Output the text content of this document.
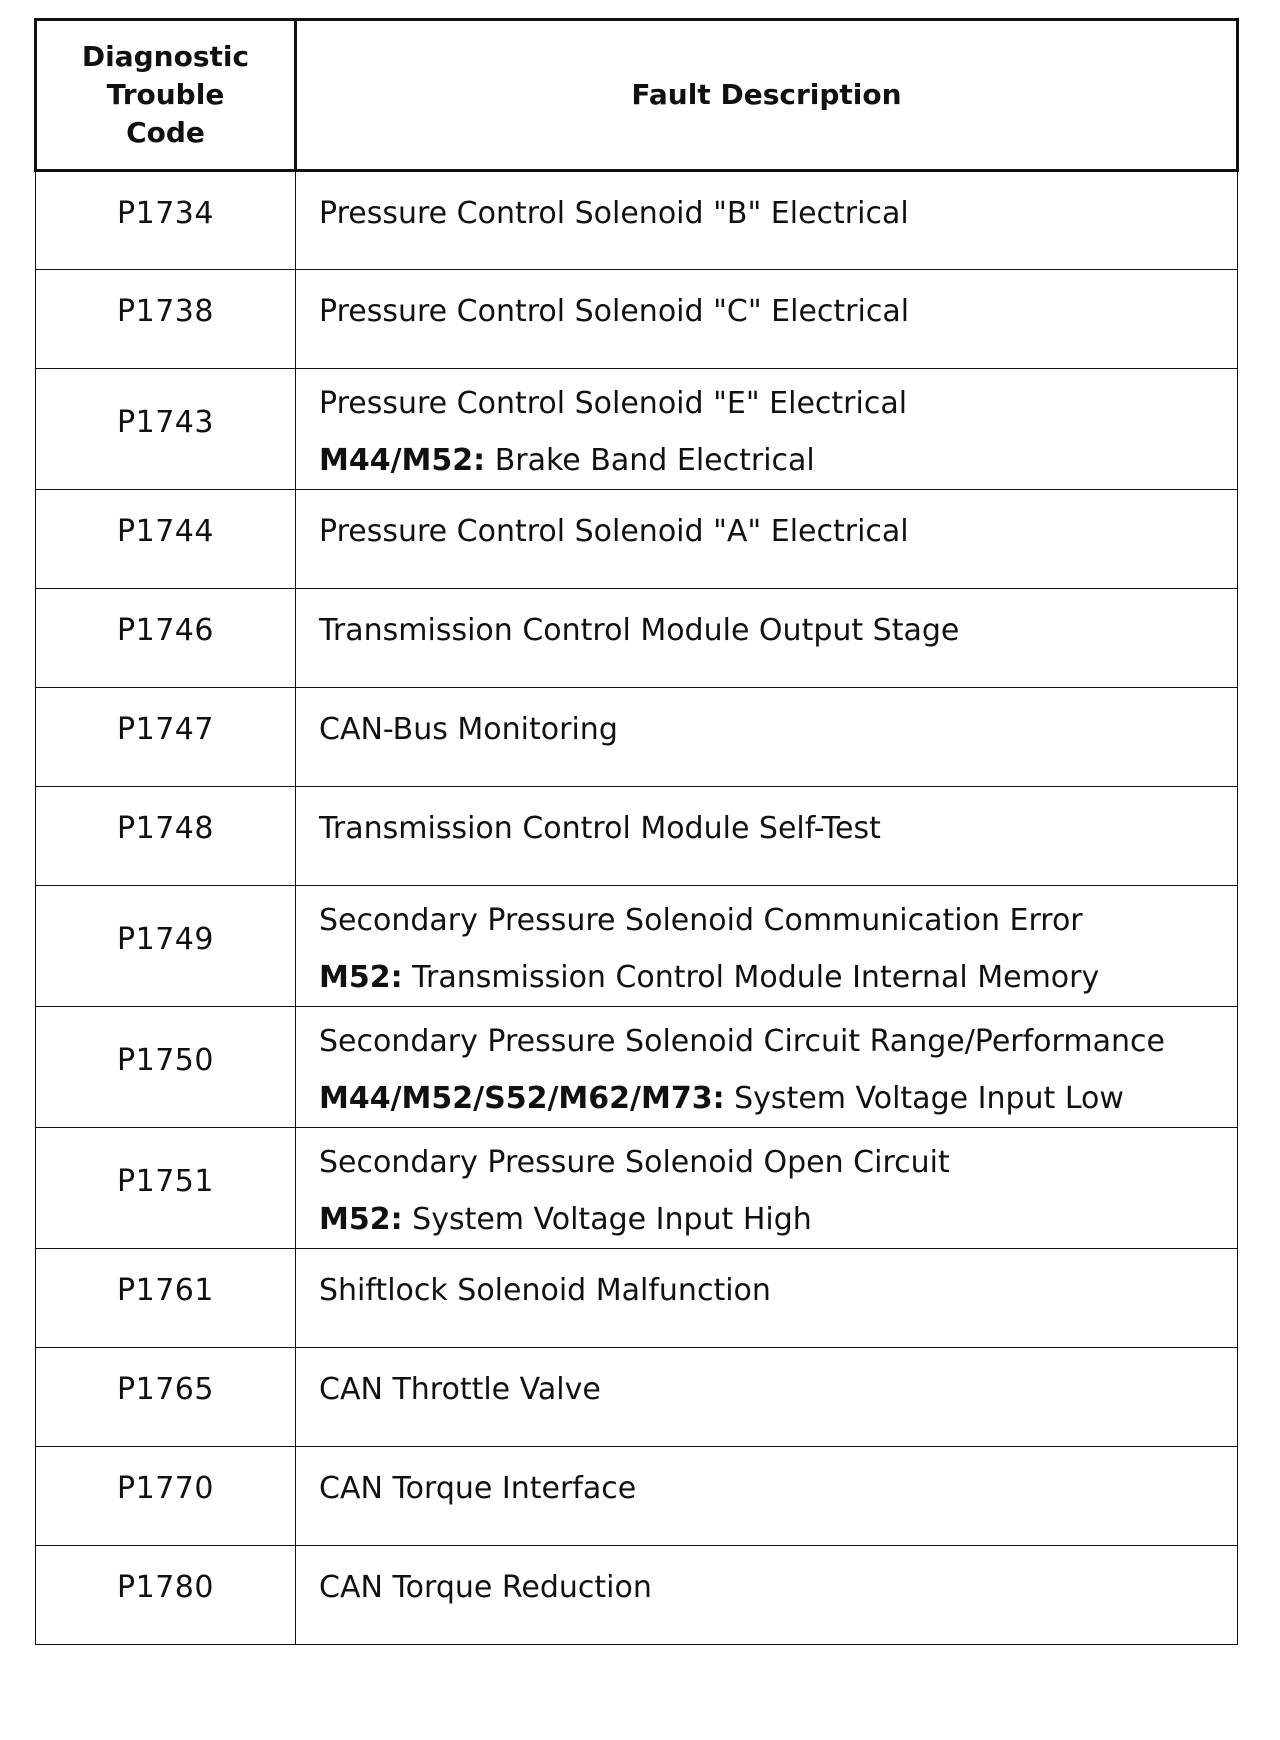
Diagnostic Trouble Code	Fault Description

P1734	Pressure Control Solenoid "B" Electrical

P1738	Pressure Control Solenoid "C" Electrical

P1743	Pressure Control Solenoid "E" Electrical
M44/M52: Brake Band Electrical

P1744	Pressure Control Solenoid "A" Electrical

P1746	Transmission Control Module Output Stage

P1747	CAN-Bus Monitoring

P1748	Transmission Control Module Self-Test

P1749	Secondary Pressure Solenoid Communication Error
M52: Transmission Control Module Internal Memory

P1750	Secondary Pressure Solenoid Circuit Range/Performance
M44/M52/S52/M62/M73: System Voltage Input Low

P1751	Secondary Pressure Solenoid Open Circuit
M52: System Voltage Input High

P1761	Shiftlock Solenoid Malfunction

P1765	CAN Throttle Valve

P1770	CAN Torque Interface

P1780	CAN Torque Reduction
